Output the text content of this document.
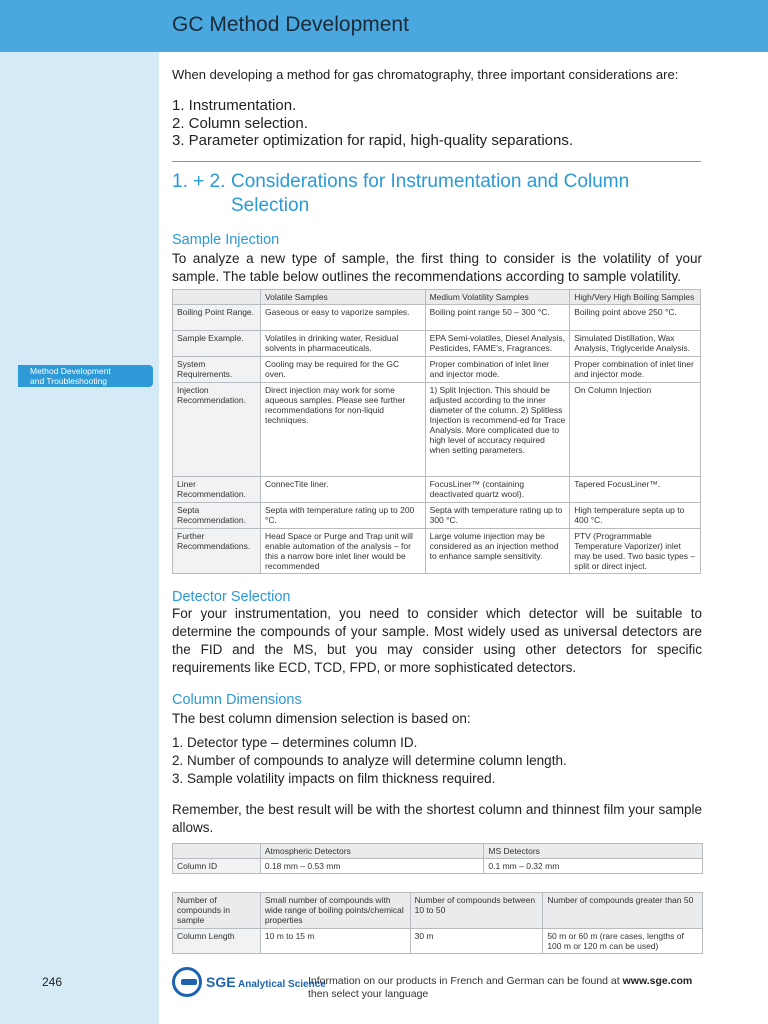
GC Method Development
Method Development
and Troubleshooting
When developing a method for gas chromatography, three important considerations are:
1. Instrumentation.
2. Column selection.
3. Parameter optimization for rapid, high-quality separations.
1. + 2. Considerations for Instrumentation and Column
Selection
Sample Injection
To analyze a new type of sample, the first thing to consider is the volatility of your sample. The table below outlines the recommendations according to sample volatility.
	Volatile Samples	Medium Volatility Samples	High/Very High Boiling Samples
Boiling Point Range.	Gaseous or easy to vaporize samples.	Boiling point range 50 – 300 °C.	Boiling point above 250 °C.
Sample Example.	Volatiles in drinking water, Residual solvents in pharmaceuticals.	EPA Semi-volatiles, Diesel Analysis, Pesticides, FAME's, Fragrances.	Simulated Distillation, Wax Analysis, Triglyceride Analysis.
System Requirements.	Cooling may be required for the GC oven.	Proper combination of inlet liner and injector mode.	Proper combination of inlet liner and injector mode.
Injection Recommendation.	Direct injection may work for some aqueous samples. Please see further recommendations for non-liquid techniques.	1) Split Injection. This should be adjusted according to the inner diameter of the column. 2) Splitless Injection is recommend-ed for Trace Analysis. More complicated due to high level of accuracy required when setting parameters.	On Column Injection
Liner Recommendation.	ConnecTite liner.	FocusLiner™ (containing deactivated quartz wool).	Tapered FocusLiner™.
Septa Recommendation.	Septa with temperature rating up to 200 °C.	Septa with temperature rating up to 300 °C.	High temperature septa up to 400 °C.
Further Recommendations.	Head Space or Purge and Trap unit will enable automation of the analysis – for this a narrow bore inlet liner would be recommended	Large volume injection may be considered as an injection method to enhance sample sensitivity.	PTV (Programmable Temperature Vaporizer) inlet may be used. Two basic types – split or direct inject.
Detector Selection
For your instrumentation, you need to consider which detector will be suitable to determine the compounds of your sample. Most widely used as universal detectors are the FID and the MS, but you may consider using other detectors for specific requirements like ECD, TCD, FPD, or more sophisticated detectors.
Column Dimensions
The best column dimension selection is based on:
1. Detector type – determines column ID.
2. Number of compounds to analyze will determine column length.
3. Sample volatility impacts on film thickness required.
Remember, the best result will be with the shortest column and thinnest film your sample allows.
	Atmospheric Detectors	MS Detectors
Column ID	0.18 mm – 0.53 mm	0.1 mm – 0.32 mm
Number of compounds in sample	Small number of compounds with wide range of boiling points/chemical properties	Number of compounds between 10 to 50	Number of compounds greater than 50
Column Length	10 m to 15 m	30 m	50 m or 60 m (rare cases, lengths of 100 m or 120 m can be used)
246	SGE Analytical Science
Information on our products in French and German can be found at www.sge.com
then select your language
